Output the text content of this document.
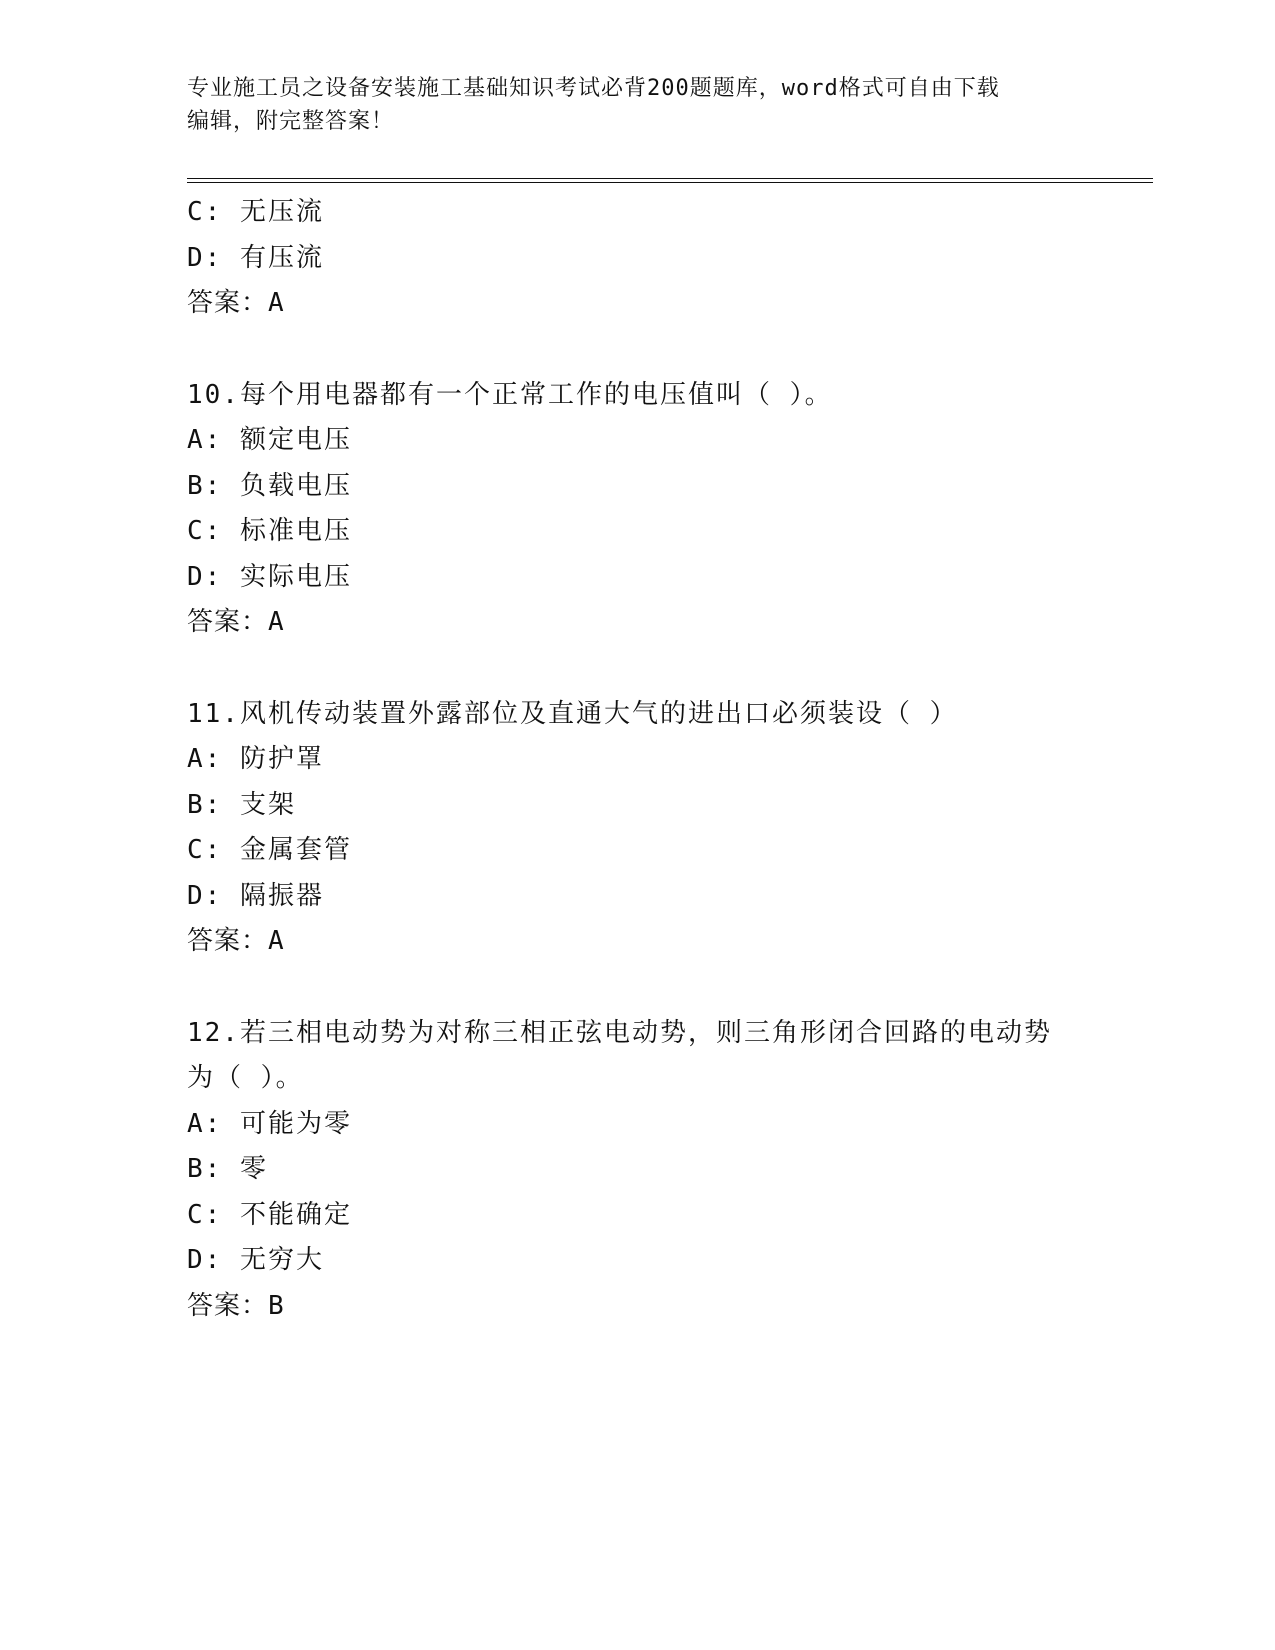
专业施工员之设备安装施工基础知识考试必背200题题库，word格式可自由下载
编辑，附完整答案！
C: 无压流
D: 有压流
答案：A
10.每个用电器都有一个正常工作的电压值叫（ ）。
A: 额定电压
B: 负载电压
C: 标准电压
D: 实际电压
答案：A
11.风机传动装置外露部位及直通大气的进出口必须装设（ ）
A: 防护罩
B: 支架
C: 金属套管
D: 隔振器
答案：A
12.若三相电动势为对称三相正弦电动势，则三角形闭合回路的电动势
为（ ）。
A: 可能为零
B: 零
C: 不能确定
D: 无穷大
答案：B
